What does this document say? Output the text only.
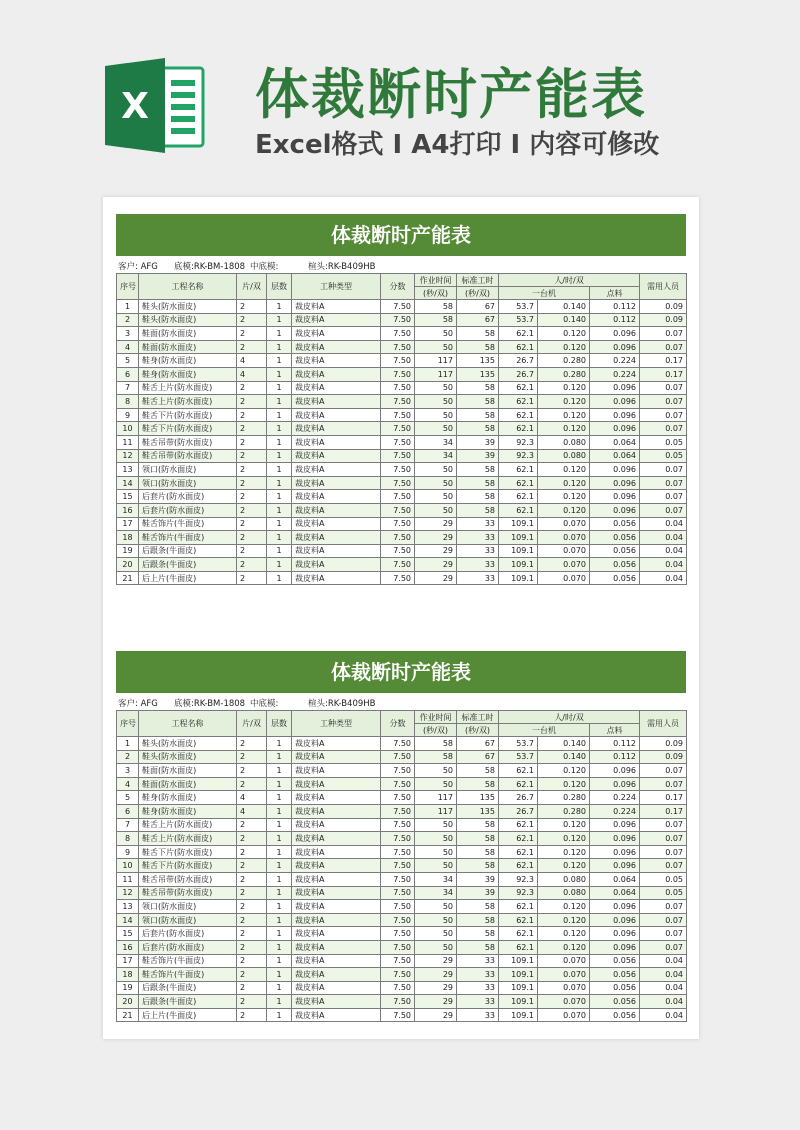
X 体裁断时产能表
Excel格式 I A4打印 I 内容可修改
体裁断时产能表
客户: AFG 底模:RK-BM-1808 中底模:	楦头:RK-B409HB
序号	工程名称	片/双	层数	工种类型	分数	作业时间	标准工时	人/时/双			需用人员
						(秒/双)	(秒/双)	一台机		点料	
1	鞋头(防水面皮)	2	1	裁皮料A	7.50	58	67	53.7	0.140	0.112	0.09
2	鞋头(防水面皮)	2	1	裁皮料A	7.50	58	67	53.7	0.140	0.112	0.09
3	鞋面(防水面皮)	2	1	裁皮料A	7.50	50	58	62.1	0.120	0.096	0.07
4	鞋面(防水面皮)	2	1	裁皮料A	7.50	50	58	62.1	0.120	0.096	0.07
5	鞋身(防水面皮)	4	1	裁皮料A	7.50	117	135	26.7	0.280	0.224	0.17
6	鞋身(防水面皮)	4	1	裁皮料A	7.50	117	135	26.7	0.280	0.224	0.17
7	鞋舌上片(防水面皮)	2	1	裁皮料A	7.50	50	58	62.1	0.120	0.096	0.07
8	鞋舌上片(防水面皮)	2	1	裁皮料A	7.50	50	58	62.1	0.120	0.096	0.07
9	鞋舌下片(防水面皮)	2	1	裁皮料A	7.50	50	58	62.1	0.120	0.096	0.07
10	鞋舌下片(防水面皮)	2	1	裁皮料A	7.50	50	58	62.1	0.120	0.096	0.07
11	鞋舌吊带(防水面皮)	2	1	裁皮料A	7.50	34	39	92.3	0.080	0.064	0.05
12	鞋舌吊带(防水面皮)	2	1	裁皮料A	7.50	34	39	92.3	0.080	0.064	0.05
13	领口(防水面皮)	2	1	裁皮料A	7.50	50	58	62.1	0.120	0.096	0.07
14	领口(防水面皮)	2	1	裁皮料A	7.50	50	58	62.1	0.120	0.096	0.07
15	后套片(防水面皮)	2	1	裁皮料A	7.50	50	58	62.1	0.120	0.096	0.07
16	后套片(防水面皮)	2	1	裁皮料A	7.50	50	58	62.1	0.120	0.096	0.07
17	鞋舌饰片(牛面皮)	2	1	裁皮料A	7.50	29	33	109.1	0.070	0.056	0.04
18	鞋舌饰片(牛面皮)	2	1	裁皮料A	7.50	29	33	109.1	0.070	0.056	0.04
19	后跟条(牛面皮)	2	1	裁皮料A	7.50	29	33	109.1	0.070	0.056	0.04
20	后跟条(牛面皮)	2	1	裁皮料A	7.50	29	33	109.1	0.070	0.056	0.04
21	后上片(牛面皮)	2	1	裁皮料A	7.50	29	33	109.1	0.070	0.056	0.04
体裁断时产能表
客户: AFG 底模:RK-BM-1808 中底模:	楦头:RK-B409HB
序号	工程名称	片/双	层数	工种类型	分数	作业时间	标准工时	人/时/双			需用人员
						(秒/双)	(秒/双)	一台机		点料	
1	鞋头(防水面皮)	2	1	裁皮料A	7.50	58	67	53.7	0.140	0.112	0.09
2	鞋头(防水面皮)	2	1	裁皮料A	7.50	58	67	53.7	0.140	0.112	0.09
3	鞋面(防水面皮)	2	1	裁皮料A	7.50	50	58	62.1	0.120	0.096	0.07
4	鞋面(防水面皮)	2	1	裁皮料A	7.50	50	58	62.1	0.120	0.096	0.07
5	鞋身(防水面皮)	4	1	裁皮料A	7.50	117	135	26.7	0.280	0.224	0.17
6	鞋身(防水面皮)	4	1	裁皮料A	7.50	117	135	26.7	0.280	0.224	0.17
7	鞋舌上片(防水面皮)	2	1	裁皮料A	7.50	50	58	62.1	0.120	0.096	0.07
8	鞋舌上片(防水面皮)	2	1	裁皮料A	7.50	50	58	62.1	0.120	0.096	0.07
9	鞋舌下片(防水面皮)	2	1	裁皮料A	7.50	50	58	62.1	0.120	0.096	0.07
10	鞋舌下片(防水面皮)	2	1	裁皮料A	7.50	50	58	62.1	0.120	0.096	0.07
11	鞋舌吊带(防水面皮)	2	1	裁皮料A	7.50	34	39	92.3	0.080	0.064	0.05
12	鞋舌吊带(防水面皮)	2	1	裁皮料A	7.50	34	39	92.3	0.080	0.064	0.05
13	领口(防水面皮)	2	1	裁皮料A	7.50	50	58	62.1	0.120	0.096	0.07
14	领口(防水面皮)	2	1	裁皮料A	7.50	50	58	62.1	0.120	0.096	0.07
15	后套片(防水面皮)	2	1	裁皮料A	7.50	50	58	62.1	0.120	0.096	0.07
16	后套片(防水面皮)	2	1	裁皮料A	7.50	50	58	62.1	0.120	0.096	0.07
17	鞋舌饰片(牛面皮)	2	1	裁皮料A	7.50	29	33	109.1	0.070	0.056	0.04
18	鞋舌饰片(牛面皮)	2	1	裁皮料A	7.50	29	33	109.1	0.070	0.056	0.04
19	后跟条(牛面皮)	2	1	裁皮料A	7.50	29	33	109.1	0.070	0.056	0.04
20	后跟条(牛面皮)	2	1	裁皮料A	7.50	29	33	109.1	0.070	0.056	0.04
21	后上片(牛面皮)	2	1	裁皮料A	7.50	29	33	109.1	0.070	0.056	0.04
